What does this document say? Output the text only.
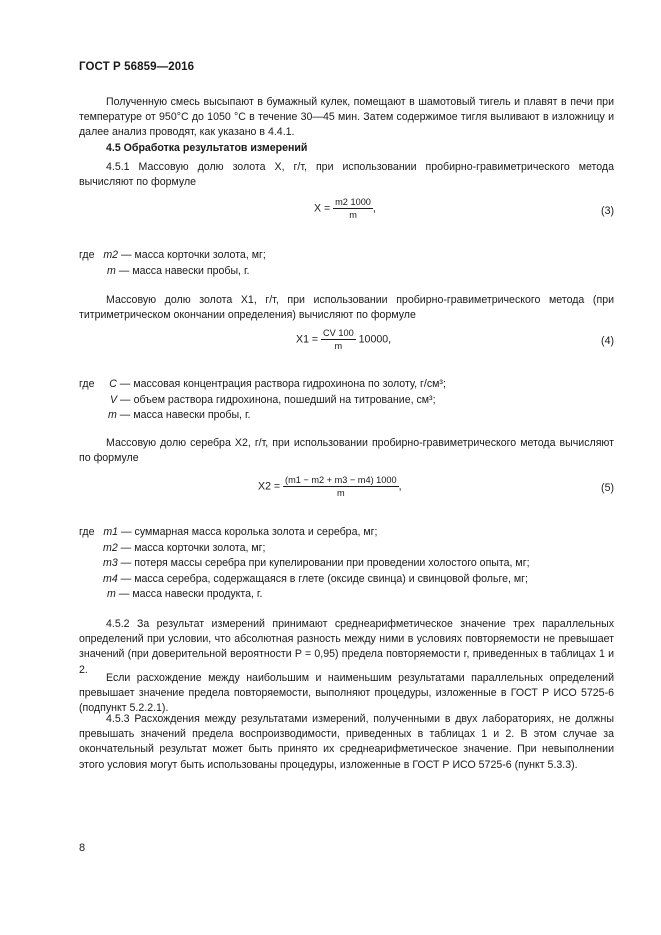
ГОСТ Р 56859—2016
Полученную смесь высыпают в бумажный кулек, помещают в шамотовый тигель и плавят в печи при температуре от 950°С до 1050 °С в течение 30—45 мин. Затем содержимое тигля выливают в изложницу и далее анализ проводят, как указано в 4.4.1.
4.5 Обработка результатов измерений
4.5.1 Массовую долю золота X, г/т, при использовании пробирно-гравиметрического метода вычисляют по формуле
$X = \frac{m2 1000}{m}$ ,	(3)
где m2 — масса корточки золота, мг;
m — масса навески пробы, г.
Массовую долю золота X1, г/т, при использовании пробирно-гравиметрического метода (при титриметрическом окончании определения) вычисляют по формуле
$X1 = \frac{CV 100}{m} 10000$,	(4)
где C — массовая концентрация раствора гидрохинона по золоту, г/см³;
V — объем раствора гидрохинона, пошедший на титрование, см³;
m — масса навески пробы, г.
Массовую долю серебра X2, г/т, при использовании пробирно-гравиметрического метода вычисляют по формуле
$X2 = \frac{(m1 - m2 + m3 - m4) 1000}{m}$ ,	(5)
где m1 — суммарная масса королька золота и серебра, мг;
m2 — масса корточки золота, мг;
m3 — потеря массы серебра при купелировании при проведении холостого опыта, мг;
m4 — масса серебра, содержащаяся в глете (оксиде свинца) и свинцовой фольге, мг;
m — масса навески продукта, г.
4.5.2 За результат измерений принимают среднеарифметическое значение трех параллельных определений при условии, что абсолютная разность между ними в условиях повторяемости не превышает значений (при доверительной вероятности P = 0,95) предела повторяемости r, приведенных в таблицах 1 и 2.
Если расхождение между наибольшим и наименьшим результатами параллельных определений превышает значение предела повторяемости, выполняют процедуры, изложенные в ГОСТ Р ИСО 5725-6 (подпункт 5.2.2.1).
4.5.3 Расхождения между результатами измерений, полученными в двух лабораториях, не должны превышать значений предела воспроизводимости, приведенных в таблицах 1 и 2. В этом случае за окончательный результат может быть принято их среднеарифметическое значение. При невыполнении этого условия могут быть использованы процедуры, изложенные в ГОСТ Р ИСО 5725-6 (пункт 5.3.3).
8
